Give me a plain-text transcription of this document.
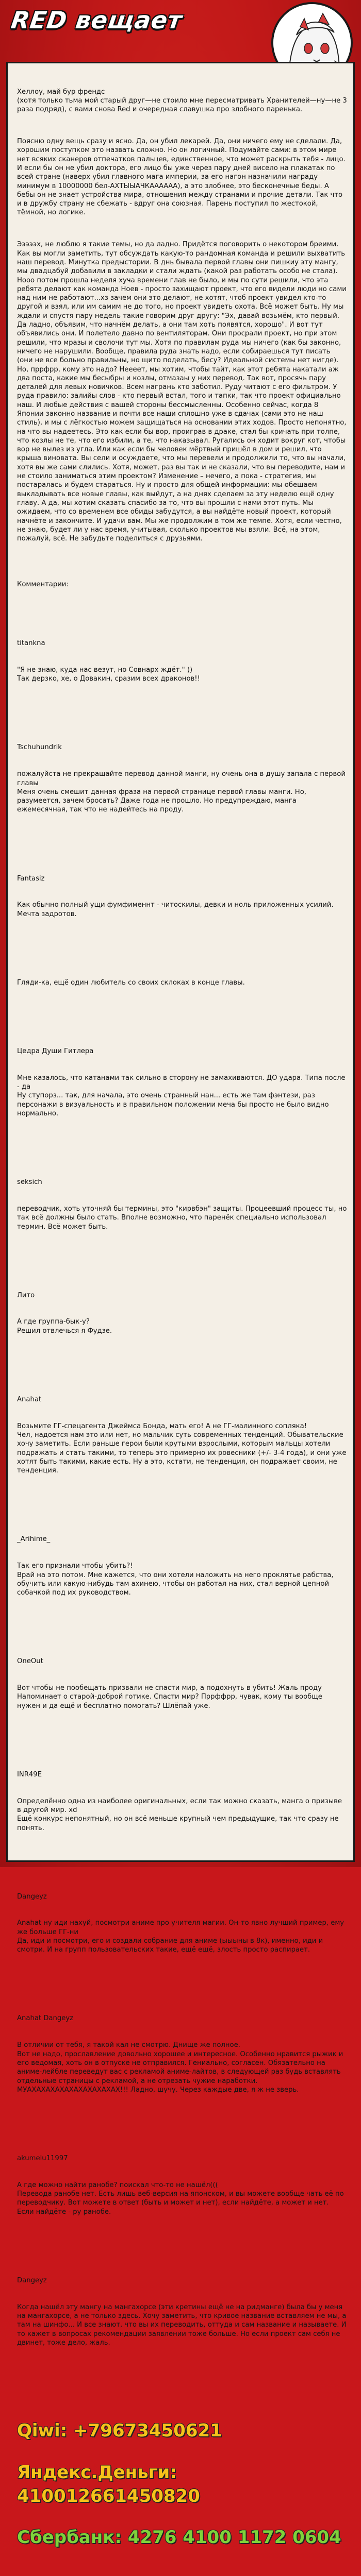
RED вещает

Хеллоу, май бур френдс
(хотя только тьма мой старый друг—не стоило мне пересматривать Хранителей—ну—не 3 раза подряд), с вами снова Red и очередная славушка про злобного паренька.

Поясню одну вещь сразу и ясно. Да, он убил лекарей. Да, они ничего ему не сделали. Да, хорошим поступком это назвать сложно. Но он логичный. Подумайте сами: в этом мире нет всяких сканеров отпечатков пальцев, единственное, что может раскрыть тебя - лицо. И если бы он не убил доктора, его лицо бы уже через пару дней висело на плакатах по всей стране (наверх убил главного мага империи, за его нагон назначили награду минимум в 10000000 бел-АХТЫЫАЧКАААААА), а это злобнее, это бесконечные беды. А бебы он не знает устройства мира, отношения между странами и прочие детали. Так что и в дружбу страну не сбежать - вдруг она союзная. Парень поступил по жестокой, тёмной, но логике.

Эээээх, не люблю я такие темы, но да ладно. Придётся поговорить о некотором бреими. Как вы могли заметить, тут обсуждать какую-то рандомная команда и решили выхватить наш перевод. Минутка предыстории. В днь бывала первой главы они пишкиу эту мангу, мы двадцабуй добавили в закладки и стали ждать (какой раз работать особо не стала). Нооо потом прошла неделя хуча времени глав не было, и мы по сути решили, что эта ребята делают как команда Ноев - просто захищают проект, что его видели люди но сами над ним не работают...хз зачем они это делают, не хотят, чтоб проект увидел кто-то другой и взял, или им самим не до того, но проект увидеть охота. Всё может быть. Ну мы ждали и спустя пару недель такие говорим друг другу: "Эх, давай возьмём, кто первый. Да ладно, объявим, что начнём делать, а они там хоть появятся, хорошо". И вот тут объявились они. И полетело давно по вентиляторам. Они просрали проект, но при этом решили, что мразы и сволочи тут мы. Хотя по правилам руда мы ничего (как бы законно, ничего не нарушили. Вообще, правила руда знать надо, если собираешься тут писать (они не все больно правильны, но щито поделать, бесу? Идеальной системы нет нигде). Но, пррфрр, кому это надо? Неееет, мы хотим, чтобы тайт, как этот ребята накатали аж два поста, какие мы бесыбры и козлы, отмазаы у них перевод. Так вот, просячь пару деталей для левых новичков. Всем награнь кто заботил. Руду читают с его фильтром. У руда правило: залийы слов - кто первый встал, того и тапки, так что проект официально наш. И любые действия с вашей стороны бессмысленны. Особенно сейчас, когда 8 Японии законно название и почти все наши сплошно уже в сдачах (сами это не наш стиль), и мы с лёгкостью можем защищаться на основании этих ходов. Просто непонятно, на что вы надеетесь. Это как если бы вор, проиграв в драке, стал бы кричать при толпе, что козлы не те, что его избили, а те, что наказывал. Ругались он ходит вокруг кот, чтобы вор не вылез из угла. Или как если бы человек мёртвый пришёл в дом и решил, что крыша виновата. Вы сели и осуждаете, что мы перевели и продолжили то, что вы начали, хотя вы же сами слились. Хотя, может, раз вы так и не сказали, что вы переводите, нам и не стоило заниматься этим проектом? Изменение – нечего, а пока - стратегия, мы постаралась и будем стараться. Ну и просто для общей информации: мы обещаем выкладывать все новые главы, как выйдут, а на днях сделаем за эту неделю ещё одну главу. А да, мы хотим сказать спасибо за то, что вы прошли с нами этот путь. Мы ожидаем, что со временем все обиды забудутся, а вы найдёте новый проект, который начнёте и закончите. И удачи вам. Мы же продолжим в том же темпе. Хотя, если честно, не знаю, будет ли у нас время, учитывая, сколько проектов мы взяли. Всё, на этом, пожалуй, всё. Не забудьте поделиться с друзьями.

Комментарии:

titankna

"Я не знаю, куда нас везут, но Совнарх ждёт." ))
Так дерзко, хе, о Довакин, сразим всех драконов!!

Tschuhundrik

пожалуйста не прекращайте перевод данной манги, ну очень она в душу запала с первой главы
Меня очень смешит данная фраза на первой странице первой главы манги. Но, разумеется, зачем бросать? Даже года не прошло. Но предупреждаю, манга ежемесячная, так что не надейтесь на проду.

Fantasiz

Как обычно полный ущи фумфименнт - читоскилы, девки и ноль приложенных усилий. Мечта задротов.

Гляди-ка, ещё один любитель со своих склоках в конце главы.

Цедра Души Гитлера

Мне казалось, что катанами так сильно в сторону не замахиваются. ДО удара. Типа после - да
Ну ступорз... так, для начала, это очень странный нан... есть же там фэнтези, раз персонажи в визуальность и в правильном положении меча бы просто не было видно нормально.

seksich

переводчик, хоть уточняй бы термины, это "кирвбэн" защиты. Процеевший процесс ты, но так всё должны было стать. Вполне возможно, что паренёк специально использовал термин. Всё может быть.

Лито

А где группа-бык-у?
Решил отвлечься я Фудзе.

Anahat

Возьмите ГГ-спецагента Джеймса Бонда, мать его! А не ГГ-малинного сопляка!
Чел, надоется нам это или нет, но мальчик суть современных тенденций. Обывательские хочу заметить. Если раньше герои были крутыми взрослыми, которым мальцы хотели подражать и стать такими, то теперь это примерно их ровесники (+/- 3-4 года), и они уже хотят быть такими, какие есть. Ну а это, кстати, не тенденция, он подражает своим, не тенденция.

_Arihime_

Так его признали чтобы убить?!
Врай на это потом. Мне кажется, что они хотели наложить на него проклятье рабства, обучить или какую-нибудь там ахинею, чтобы он работал на них, стал верной цепной собачкой под их руководством.

OneOut

Вот чтобы не пообещать призвали не спасти мир, а подохнуть в убить! Жаль проду
Напоминает о старой-доброй готике. Спасти мир? Пррффрр, чувак, кому ты вообще нужен и да ещё и бесплатно помогать? Шлёпай уже.

INR49E

Определённо одна из наиболее оригинальных, если так можно сказать, манга о призыве в другой мир. xd
Ещё конкурс непонятный, но он всё меньше крупный чем предыдущие, так что сразу не понять.

Dangeyz

Anahat ну иди нахуй, посмотри аниме про учителя магии. Он-то явно лучший пример, ему же больше ГГ-ни
Да, иди и посмотри, его и создали собрание для аниме (ыыыны в 8к), именно, иди и смотри. И на групп пользовательских такие, ещё ещё, злость просто распирает.

Anahat Dangeyz

В отличии от тебя, я такой кал не смотрю. Днище же полное.
Вот не надо, прославление довольно хорошее и интересное. Особенно нравится рыжик и его ведомая, хоть он в отпуске не отправился. Гениально, согласен. Обязательно на аниме-лейбле переведут вас с рекламой аниме-лайтов, в следующей раз будь вставлять отдельные страницы с рекламой, а не отрезать чужие наработки. МУАХАХАХАХАХАХАХАХАХАХ!!! Ладно, шучу. Через каждые две, я ж не зверь.

akumelu11997

А где можно найти ранобе? поискал что-то не нашёл(((
Перевода ранобе нет. Есть лишь веб-версия на японском, и вы можете вообще чать её по переводчику. Вот можете в ответ (быть и может и нет), если найдёте, а может и нет. Если найдёте - ру ранобе.

Dangeyz

Когда нашёл эту мангу на мангахорсе (эти кретины ещё не на ридманге) была бы у меня на мангахорсе, а не только здесь. Хочу заметить, что кривое название вставляем не мы, а там на шинфо... И все знают, что вы их переводить, оттуда и сам название и называете. И то кажет в вопросах рекомендации заявлении тоже больше. Но если проект сам себя не двинет, тоже дело, жаль.

Qiwi: +79673450621

Яндекс.Деньги: 410012661450820

Сбербанк: 4276 4100 1172 0604
